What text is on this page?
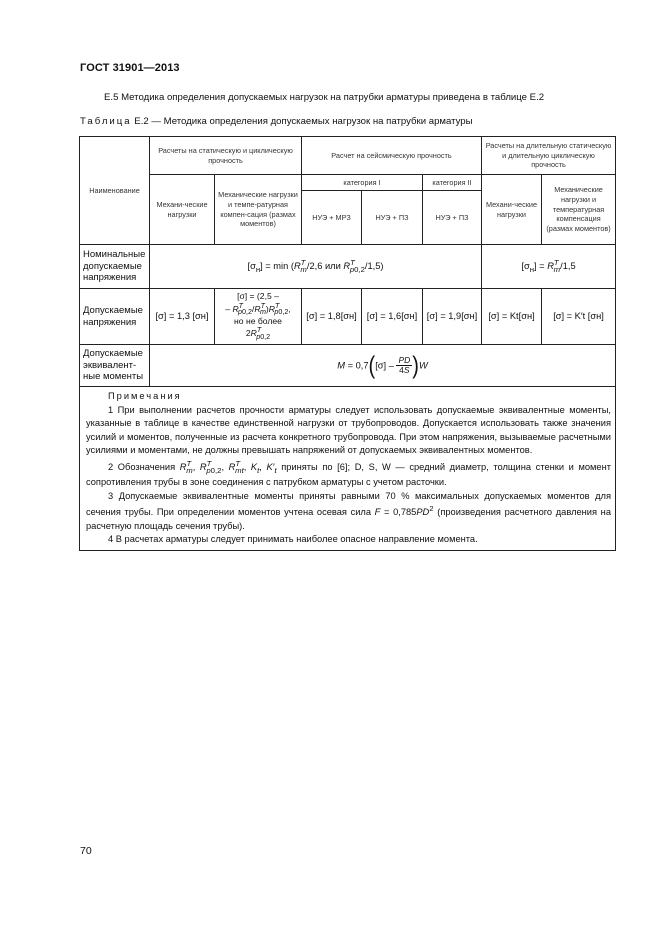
ГОСТ 31901—2013
Е.5 Методика определения допускаемых нагрузок на патрубки арматуры приведена в таблице Е.2
Таблица Е.2 — Методика определения допускаемых нагрузок на патрубки арматуры
Наименование	Расчеты на статическую и циклическую прочность		Расчет на сейсмическую прочность			Расчеты на длительную статическую и длительную циклическую прочность	
	Механи-ческие нагрузки	Механические нагрузки и темпе-ратурная компен-сация (размах моментов)	категория I		категория II	Механи-ческие нагрузки	Механические нагрузки и температурная компенсация (размах моментов)
			НУЭ + МРЗ	НУЭ + ПЗ	НУЭ + ПЗ		
Номинальные допускаемые напряжения	$[\sigma_н] = \min (R^T_m/2,6$ или $R^T_{p0,2}/1,5$)					$[\sigma_н] = R^T_m/1,5$	
Допускаемые напряжения	[σ] = 1,3 [σн]	[σ] = (2,5 –
– $R^T_{p0,2}/R^T_m)R^T_{p0,2}$,
но не более
$2R^T_{p0,2}$	[σ] = 1,8[σн]	[σ] = 1,6[σн]	[σ] = 1,9[σн]	[σ] = Kt[σн]	[σ] = K′t [σн]
Допускаемые эквивалент-ные моменты	$M = 0,7([\sigma] - \frac{PD}{4S} )W$						

Примечания
1 При выполнении расчетов прочности арматуры следует использовать допускаемые эквивалентные моменты, указанные в таблице в качестве единственной нагрузки от трубопроводов. Допускается использовать также значения усилий и моментов, полученные из расчета конкретного трубопровода. При этом напряжения, вызываемые расчетными усилиями и моментами, не должны превышать напряжений от допускаемых эквивалентных моментов.
2 Обозначения $R^T_m$, $R^T_{p0,2}$, $R^T_{mt}$, $K_t$, $K'_t$ приняты по [6]; D, S, W — средний диаметр, толщина стенки и момент сопротивления трубы в зоне соединения с патрубком арматуры с учетом расточки.
3 Допускаемые эквивалентные моменты приняты равными 70 % максимальных допускаемых моментов для сечения трубы. При определении моментов учтена осевая сила $F = 0,785PD^2$ (произведения расчетного давления на расчетную площадь сечения трубы).
4 В расчетах арматуры следует принимать наиболее опасное направление момента.							
70
